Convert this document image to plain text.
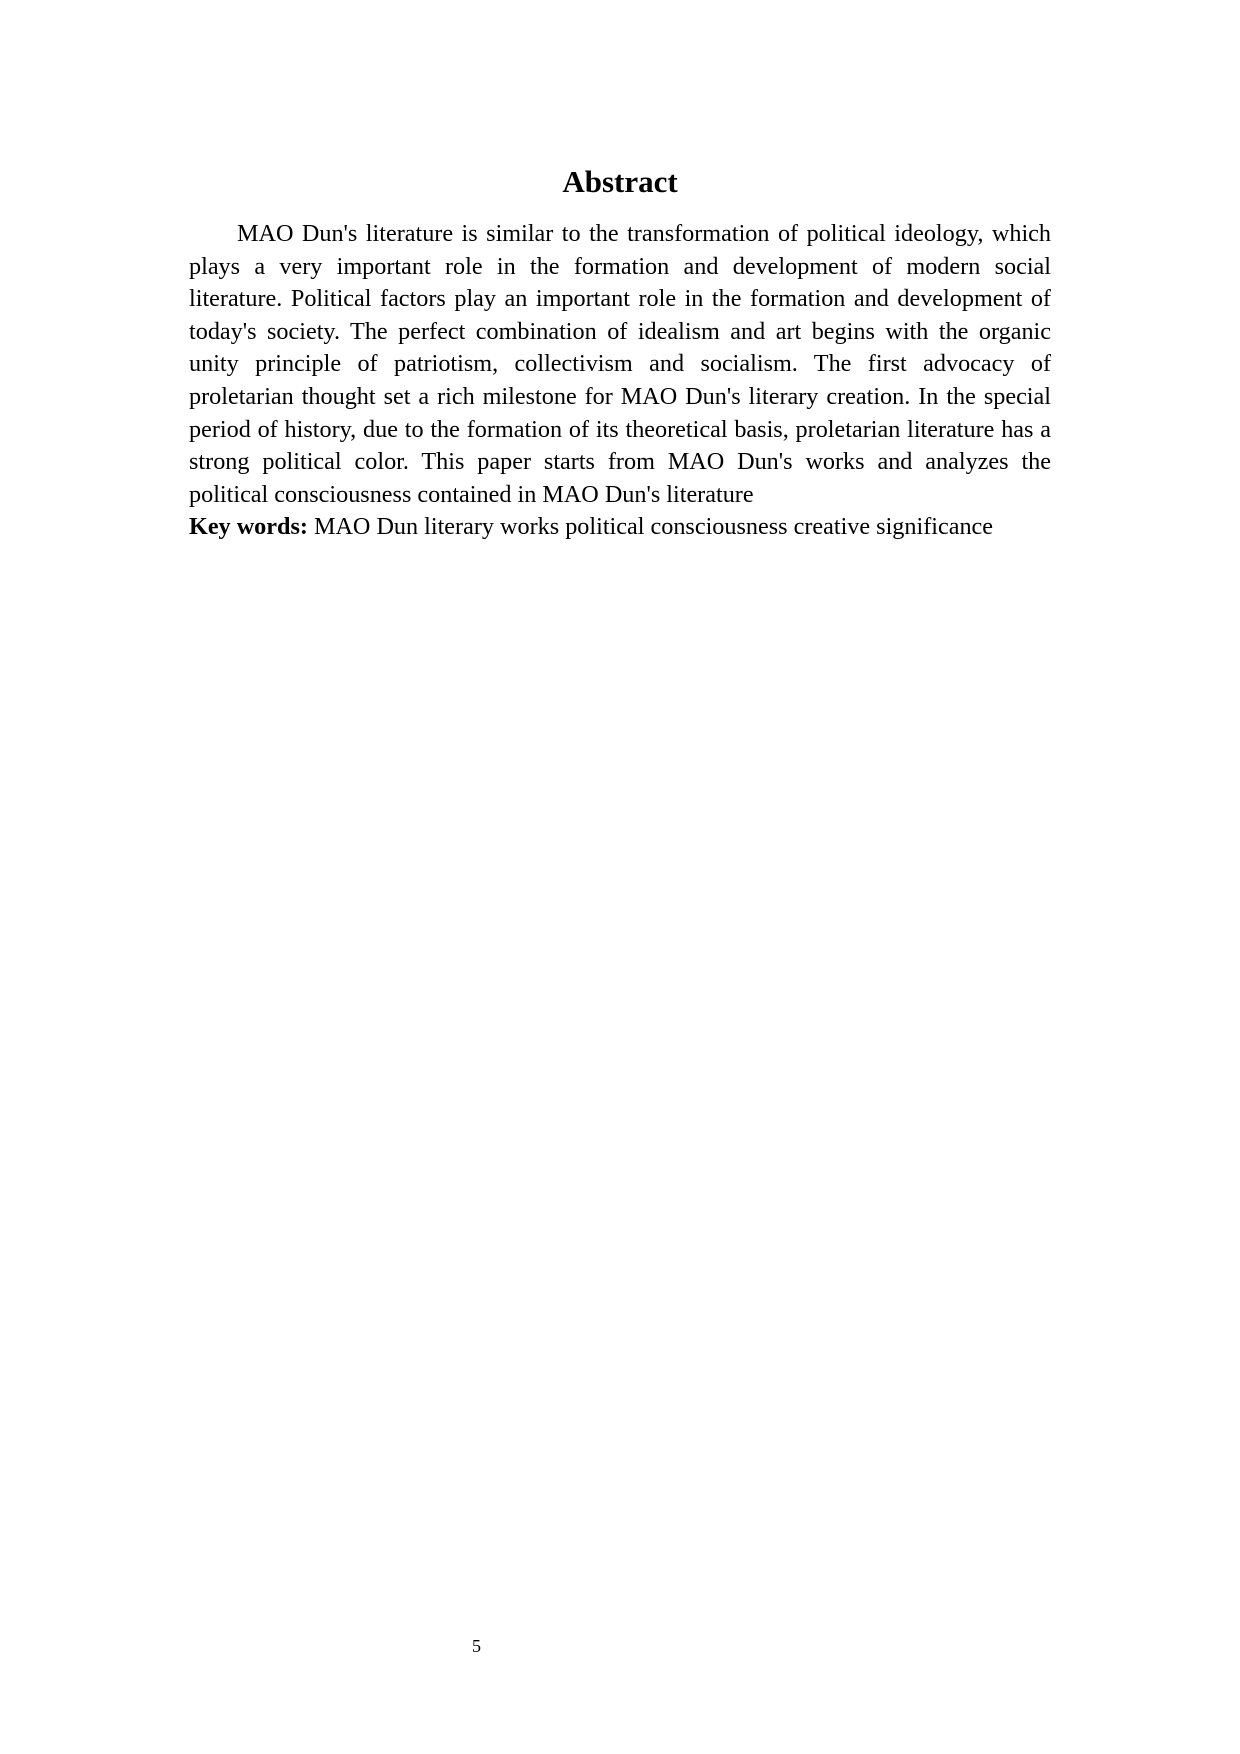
Abstract

MAO Dun's literature is similar to the transformation of political ideology, which plays a very important role in the formation and development of modern social literature. Political factors play an important role in the formation and development of today's society. The perfect combination of idealism and art begins with the organic unity principle of patriotism, collectivism and socialism. The first advocacy of proletarian thought set a rich milestone for MAO Dun's literary creation. In the special period of history, due to the formation of its theoretical basis, proletarian literature has a strong political color. This paper starts from MAO Dun's works and analyzes the political consciousness contained in MAO Dun's literature

Key words: MAO Dun literary works political consciousness creative significance

5
